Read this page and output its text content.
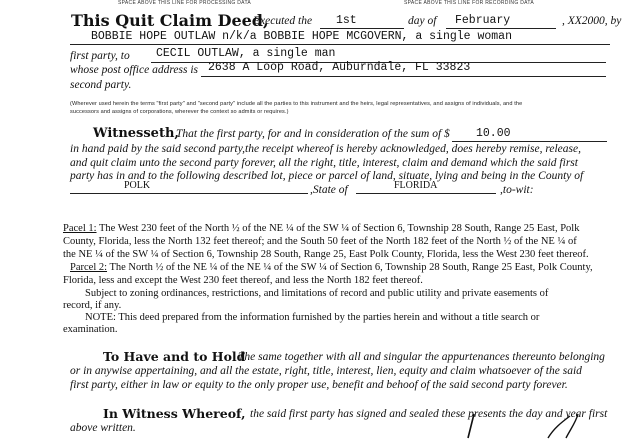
SPACE ABOVE THIS LINE FOR PROCESSING DATA	SPACE ABOVE THIS LINE FOR RECORDING DATA
This Quit Claim Deed,
Executed the 1st	day of February	, XX2000, by
BOBBIE HOPE OUTLAW n/k/a BOBBIE HOPE MCGOVERN, a single woman
first party, to CECIL OUTLAW, a single man
whose post office address is 2638 A Loop Road, Auburndale, FL 33823
second party.
(Wherever used herein the terms "first party" and "second party" include all the parties to this instrument and the heirs, legal representatives, and assigns of individuals, and the
successors and assigns of corporations, wherever the context so admits or requires.)
Witnesseth,
That the first party, for and in consideration of the sum of $ 10.00
in hand paid by the said second party,the receipt whereof is hereby acknowledged, does hereby remise, release,
and quit claim unto the second party forever, all the right, title, interest, claim and demand which the said first
party has in and to the following described lot, piece or parcel of land, situate, lying and being in the County of
POLK	,State of	FLORIDA	,to-wit:
Pacel 1: The West 230 feet of the North ½ of the NE ¼ of the SW ¼ of Section 6, Township 28 South, Range 25 East, Polk
County, Florida, less the North 132 feet thereof; and the South 50 feet of the North 182 feet of the North ½ of the NE ¼ of
the NE ¼ of the SW ¼ of Section 6, Township 28 South, Range 25, East Polk County, Florida, less the West 230 feet thereof.
Parcel 2: The North ½ of the NE ¼ of the NE ¼ of the SW ¼ of Section 6, Township 28 South, Range 25 East, Polk County,
Florida, less and except the West 230 feet thereof, and less the North 182 feet thereof.
Subject to zoning ordinances, restrictions, and limitations of record and public utility and private easements of
record, if any.
NOTE: This deed prepared from the information furnished by the parties herein and without a title search or
examination.
To Have and to Hold
The same together with all and singular the appurtenances thereunto belonging
or in anywise appertaining, and all the estate, right, title, interest, lien, equity and claim whatsoever of the said
first party, either in law or equity to the only proper use, benefit and behoof of the said second party forever.
In Witness Whereof, the said first party has signed and sealed these presents the day and year first
above written.
